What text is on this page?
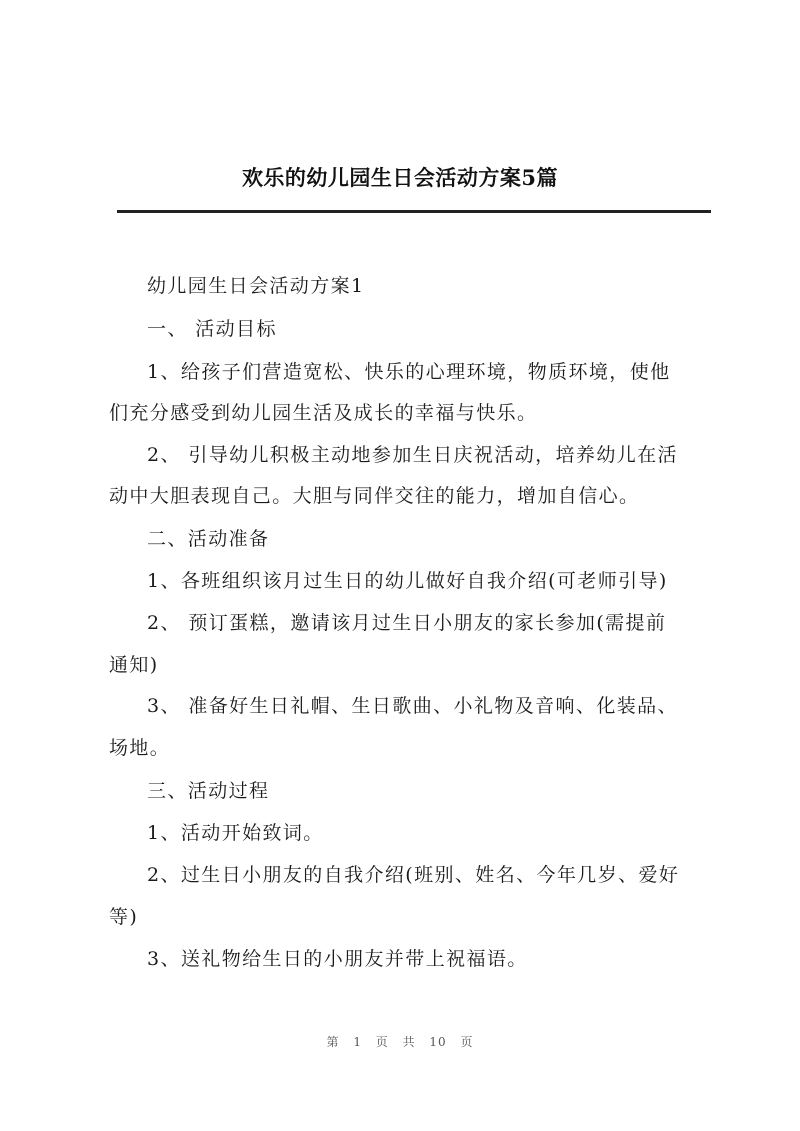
欢乐的幼儿园生日会活动方案5篇
幼儿园生日会活动方案1
一、 活动目标
1、给孩子们营造宽松、快乐的心理环境，物质环境，使他
们充分感受到幼儿园生活及成长的幸福与快乐。
2、 引导幼儿积极主动地参加生日庆祝活动，培养幼儿在活
动中大胆表现自己。大胆与同伴交往的能力，增加自信心。
二、活动准备
1、各班组织该月过生日的幼儿做好自我介绍(可老师引导)
2、 预订蛋糕，邀请该月过生日小朋友的家长参加(需提前
通知)
3、 准备好生日礼帽、生日歌曲、小礼物及音响、化装品、
场地。
三、活动过程
1、活动开始致词。
2、过生日小朋友的自我介绍(班别、姓名、今年几岁、爱好
等)
3、送礼物给生日的小朋友并带上祝福语。
第 1 页 共 10 页
